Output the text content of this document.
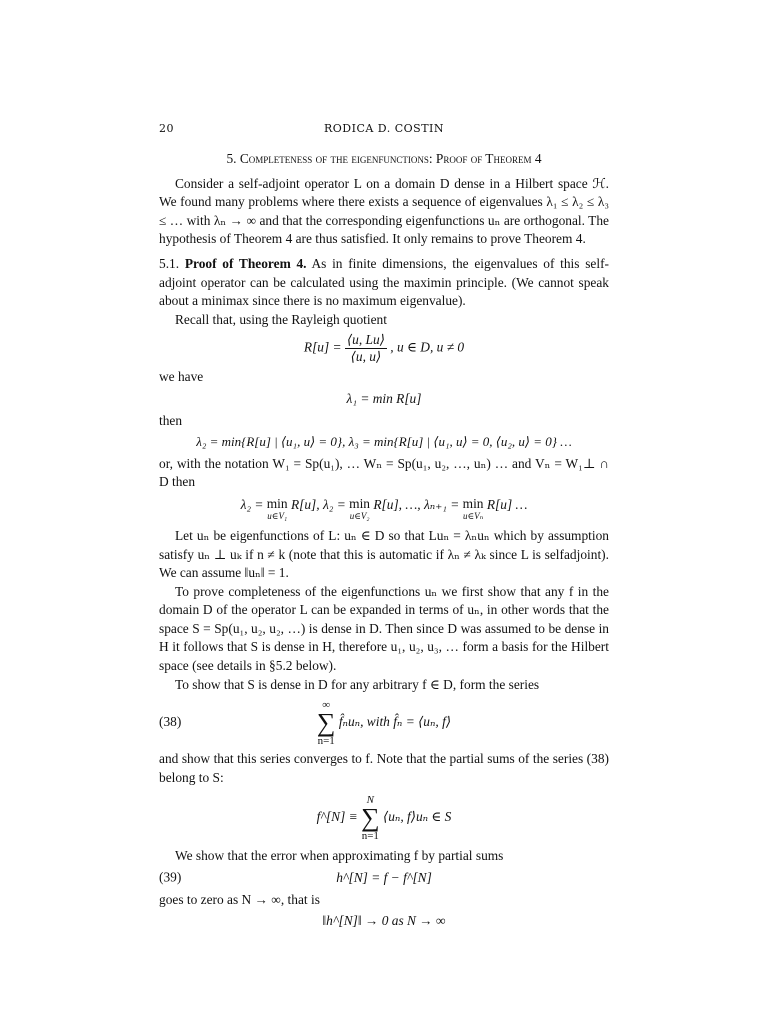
20	RODICA D. COSTIN
5. Completeness of the eigenfunctions: Proof of Theorem 4

Consider a self-adjoint operator L on a domain D dense in a Hilbert space ℋ. We found many problems where there exists a sequence of eigenvalues λ₁ ≤ λ₂ ≤ λ₃ ≤ … with λₙ → ∞ and that the corresponding eigenfunctions uₙ are orthogonal. The hypothesis of Theorem 4 are thus satisfied. It only remains to prove Theorem 4.

5.1. Proof of Theorem 4. As in finite dimensions, the eigenvalues of this self-adjoint operator can be calculated using the maximin principle. (We cannot speak about a minimax since there is no maximum eigenvalue).

Recall that, using the Rayleigh quotient

$R[u] = \frac{⟨u, Lu⟩}{⟨u, u⟩}$ , u ∈ D, u ≠ 0

we have

λ₁ = min R[u]

then

λ₂ = min{R[u] | ⟨u₁, u⟩ = 0}, λ₃ = min{R[u] | ⟨u₁, u⟩ = 0, ⟨u₂, u⟩ = 0} …

or, with the notation W₁ = Sp(u₁), … Wₙ = Sp(u₁, u₂, …, uₙ) … and Vₙ = W₁⊥ ∩ D then

λ₂ = min
u∈V₁
R[u], λ₂ = min
u∈V₂
R[u], …, λₙ₊₁ = min
u∈Vₙ
R[u] …

Let uₙ be eigenfunctions of L: uₙ ∈ D so that Luₙ = λₙuₙ which by assumption satisfy uₙ ⊥ uₖ if n ≠ k (note that this is automatic if λₙ ≠ λₖ since L is selfadjoint). We can assume ‖uₙ‖ = 1.

To prove completeness of the eigenfunctions uₙ we first show that any f in the domain D of the operator L can be expanded in terms of uₙ, in other words that the space S = Sp(u₁, u₂, u₂, …) is dense in D. Then since D was assumed to be dense in H it follows that S is dense in H, therefore u₁, u₂, u₃, … form a basis for the Hilbert space (see details in §5.2 below).

To show that S is dense in D for any arbitrary f ∈ D, form the series

(38)
∞
∑
n=1
f̂ₙuₙ, with f̂ₙ = ⟨uₙ, f⟩

and show that this series converges to f. Note that the partial sums of the series (38) belong to S:

f^[N] ≡
N
∑
n=1
⟨uₙ, f⟩uₙ ∈ S

We show that the error when approximating f by partial sums

(39)	h^[N] = f − f^[N]

goes to zero as N → ∞, that is

‖h^[N]‖ → 0 as N → ∞
